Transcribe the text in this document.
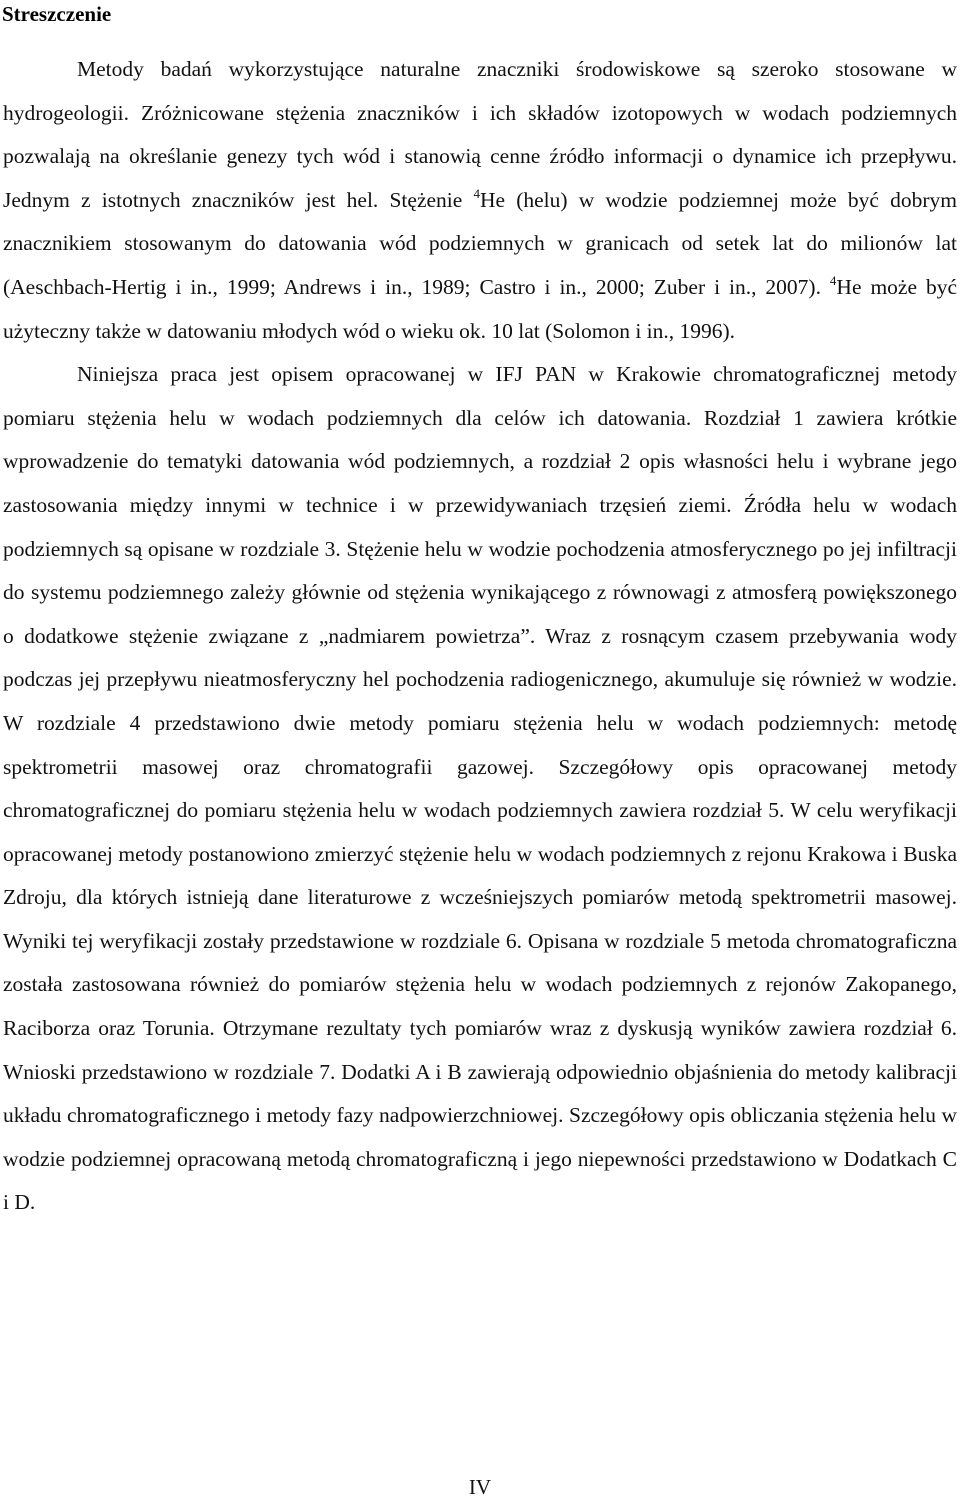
Streszczenie

Metody badań wykorzystujące naturalne znaczniki środowiskowe są szeroko stosowane w hydrogeologii. Zróżnicowane stężenia znaczników i ich składów izotopowych w wodach podziemnych pozwalają na określanie genezy tych wód i stanowią cenne źródło informacji o dynamice ich przepływu. Jednym z istotnych znaczników jest hel. Stężenie $^4$He (helu) w wodzie podziemnej może być dobrym znacznikiem stosowanym do datowania wód podziemnych w granicach od setek lat do milionów lat (Aeschbach-Hertig i in., 1999; Andrews i in., 1989; Castro i in., 2000; Zuber i in., 2007). $^4$He może być użyteczny także w datowaniu młodych wód o wieku ok. 10 lat (Solomon i in., 1996).

Niniejsza praca jest opisem opracowanej w IFJ PAN w Krakowie chromatograficznej metody pomiaru stężenia helu w wodach podziemnych dla celów ich datowania. Rozdział 1 zawiera krótkie wprowadzenie do tematyki datowania wód podziemnych, a rozdział 2 opis własności helu i wybrane jego zastosowania między innymi w technice i w przewidywaniach trzęsień ziemi. Źródła helu w wodach podziemnych są opisane w rozdziale 3. Stężenie helu w wodzie pochodzenia atmosferycznego po jej infiltracji do systemu podziemnego zależy głównie od stężenia wynikającego z równowagi z atmosferą powiększonego o dodatkowe stężenie związane z „nadmiarem powietrza”. Wraz z rosnącym czasem przebywania wody podczas jej przepływu nieatmosferyczny hel pochodzenia radiogenicznego, akumuluje się również w wodzie. W rozdziale 4 przedstawiono dwie metody pomiaru stężenia helu w wodach podziemnych: metodę spektrometrii masowej oraz chromatografii gazowej. Szczegółowy opis opracowanej metody chromatograficznej do pomiaru stężenia helu w wodach podziemnych zawiera rozdział 5. W celu weryfikacji opracowanej metody postanowiono zmierzyć stężenie helu w wodach podziemnych z rejonu Krakowa i Buska Zdroju, dla których istnieją dane literaturowe z wcześniejszych pomiarów metodą spektrometrii masowej. Wyniki tej weryfikacji zostały przedstawione w rozdziale 6. Opisana w rozdziale 5 metoda chromatograficzna została zastosowana również do pomiarów stężenia helu w wodach podziemnych z rejonów Zakopanego, Raciborza oraz Torunia. Otrzymane rezultaty tych pomiarów wraz z dyskusją wyników zawiera rozdział 6. Wnioski przedstawiono w rozdziale 7. Dodatki A i B zawierają odpowiednio objaśnienia do metody kalibracji układu chromatograficznego i metody fazy nadpowierzchniowej. Szczegółowy opis obliczania stężenia helu w wodzie podziemnej opracowaną metodą chromatograficzną i jego niepewności przedstawiono w Dodatkach C i D.

IV
